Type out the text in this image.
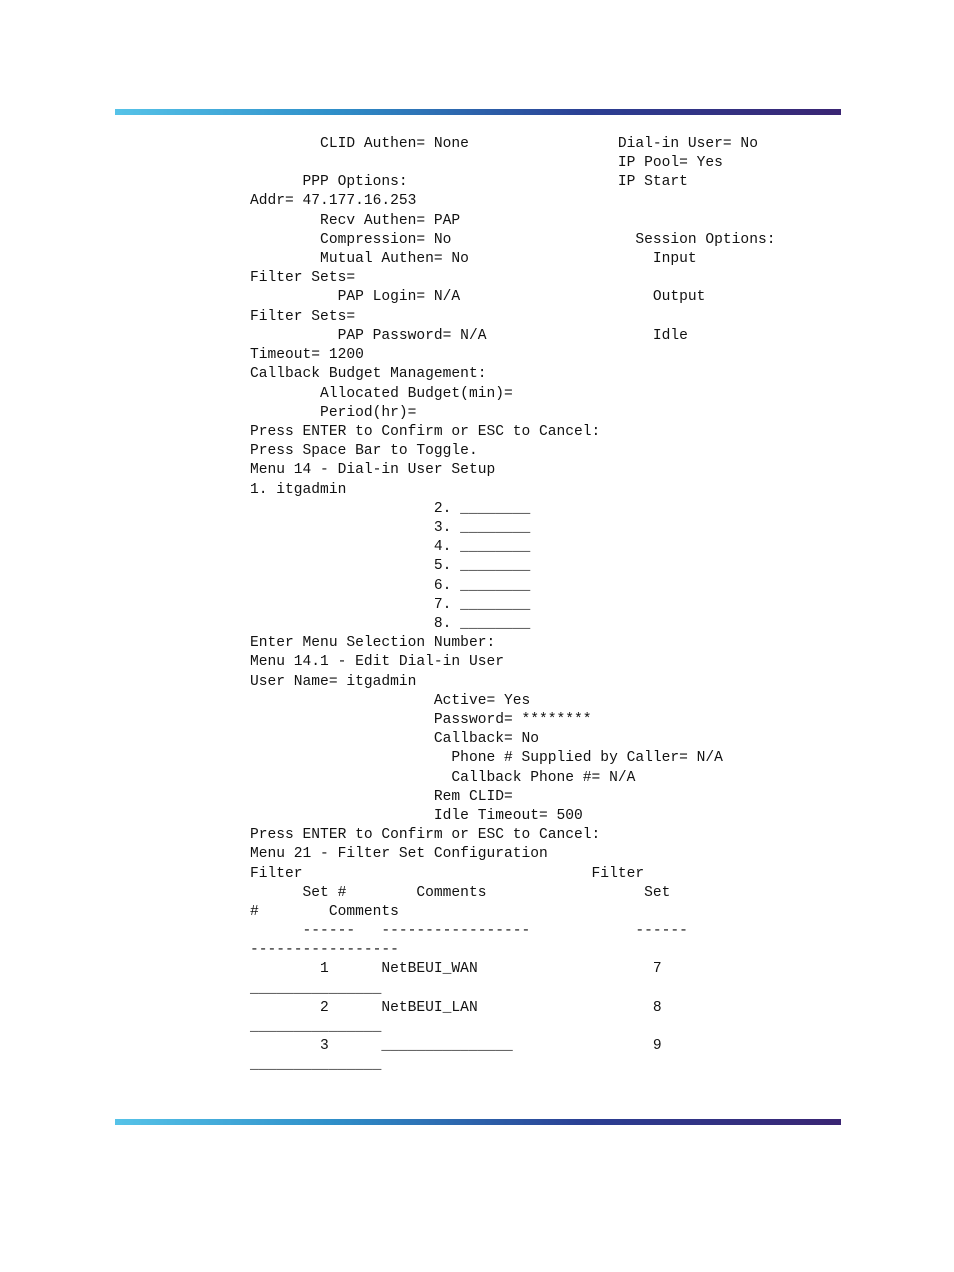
CLID Authen= None                 Dial-in User= No

IP Pool= Yes

PPP Options:                        IP Start

Addr= 47.177.16.253

Recv Authen= PAP

Compression= No                     Session Options:

Mutual Authen= No                     Input

Filter Sets=

PAP Login= N/A                      Output

Filter Sets=

PAP Password= N/A                   Idle

Timeout= 1200

Callback Budget Management:

Allocated Budget(min)=

Period(hr)=

Press ENTER to Confirm or ESC to Cancel:

Press Space Bar to Toggle.

Menu 14 - Dial-in User Setup

1. itgadmin

2. ________

3. ________

4. ________

5. ________

6. ________

7. ________

8. ________

Enter Menu Selection Number:

Menu 14.1 - Edit Dial-in User

User Name= itgadmin

Active= Yes

Password= ********

Callback= No

Phone # Supplied by Caller= N/A

Callback Phone #= N/A

Rem CLID=

Idle Timeout= 500

Press ENTER to Confirm or ESC to Cancel:

Menu 21 - Filter Set Configuration

Filter                                 Filter

Set #        Comments                  Set

#        Comments

------   -----------------            ------

-----------------

1      NetBEUI_WAN                    7

_______________

2      NetBEUI_LAN                    8

_______________

3      _______________                9

_______________
